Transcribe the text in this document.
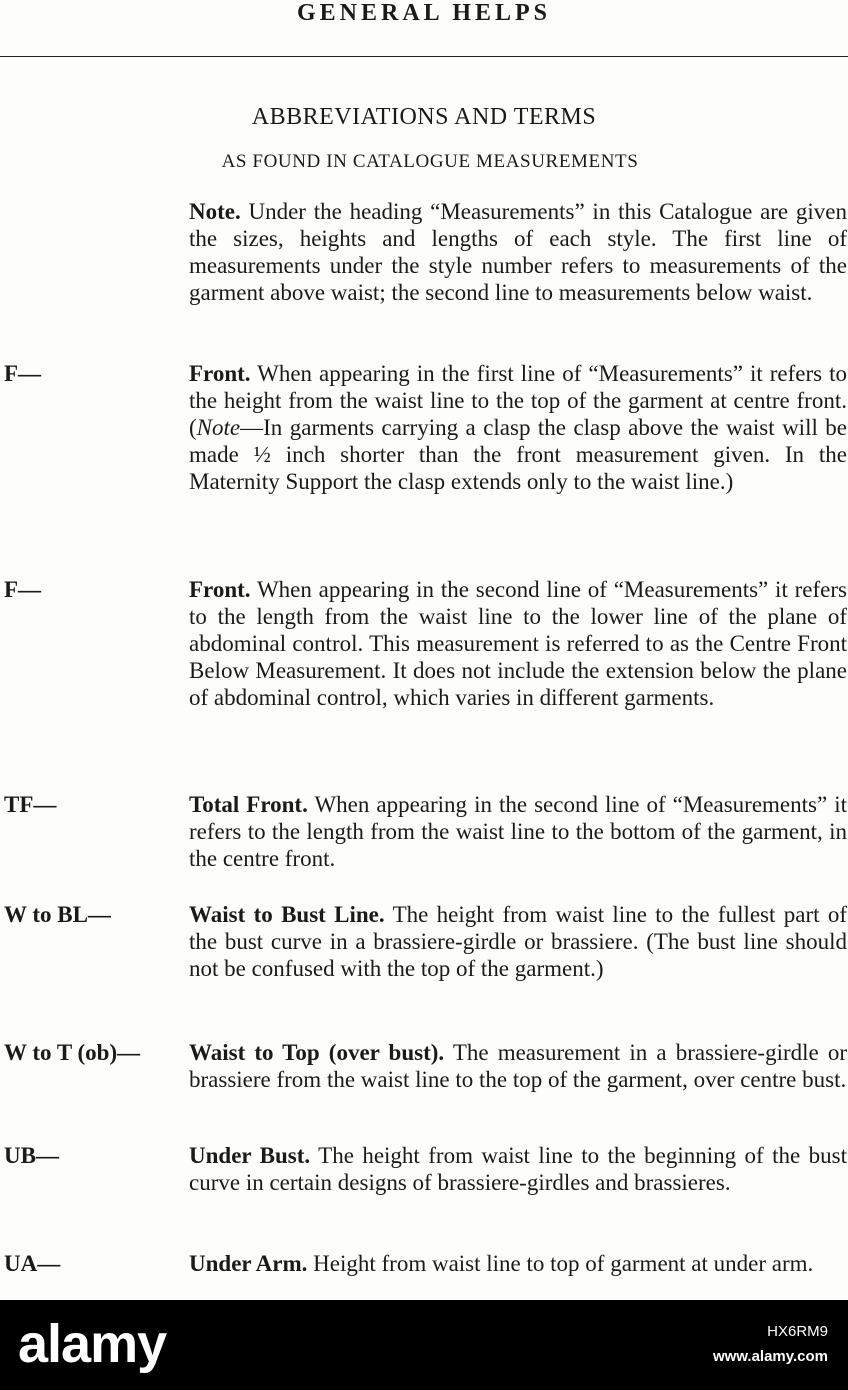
GENERAL HELPS
ABBREVIATIONS AND TERMS
AS FOUND IN CATALOGUE MEASUREMENTS
Note. Under the heading “Measurements” in this Catalogue are given the sizes, heights and lengths of each style. The first line of measurements under the style number refers to measurements of the garment above waist; the second line to measurements below waist.
F—	Front. When appearing in the first line of “Measurements” it refers to the height from the waist line to the top of the garment at centre front. (Note—In garments carrying a clasp the clasp above the waist will be made ½ inch shorter than the front measurement given. In the Maternity Support the clasp extends only to the waist line.)
F—	Front. When appearing in the second line of “Measurements” it refers to the length from the waist line to the lower line of the plane of abdominal control. This measurement is referred to as the Centre Front Below Measurement. It does not include the extension below the plane of abdominal control, which varies in different garments.
TF—	Total Front. When appearing in the second line of “Measurements” it refers to the length from the waist line to the bottom of the garment, in the centre front.
W to BL—	Waist to Bust Line. The height from waist line to the fullest part of the bust curve in a brassiere-girdle or brassiere. (The bust line should not be confused with the top of the garment.)
W to T (ob)— Waist to Top (over bust). The measurement in a brassiere-girdle or brassiere from the waist line to the top of the garment, over centre bust.
UB—	Under Bust. The height from waist line to the beginning of the bust curve in certain designs of brassiere-girdles and brassieres.
UA—	Under Arm. Height from waist line to top of garment at under arm.
alamy	HX6RM9
www.alamy.com
